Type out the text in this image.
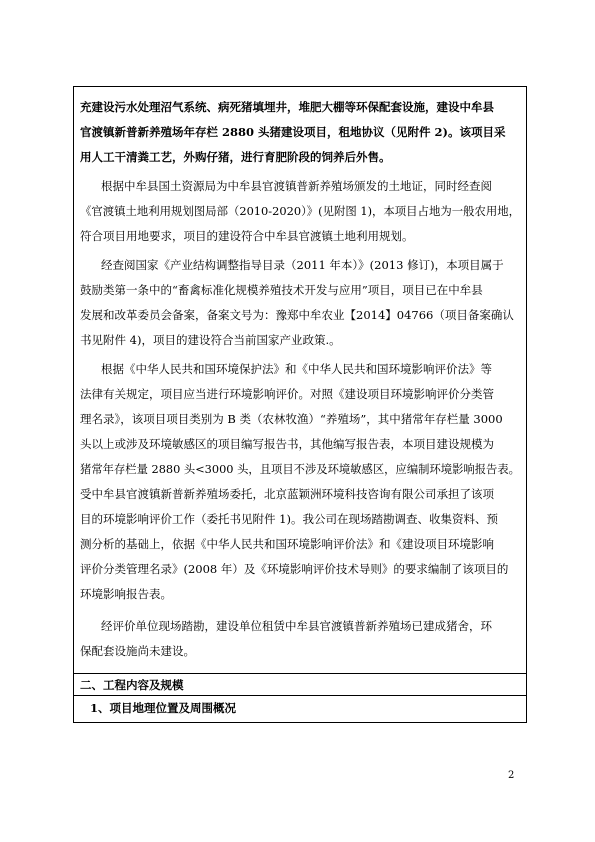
充建设污水处理沼气系统、病死猪填埋井，堆肥大棚等环保配套设施，建设中牟县
官渡镇新普新养殖场年存栏 2880 头猪建设项目，租地协议（见附件 2)。该项目采
用人工干清粪工艺，外购仔猪，进行育肥阶段的饲养后外售。
根据中牟县国土资源局为中牟县官渡镇普新养殖场颁发的土地证，同时经查阅
《官渡镇土地利用规划图局部（2010-2020）》(见附图 1)，本项目占地为一般农用地，
符合项目用地要求，项目的建设符合中牟县官渡镇土地利用规划。
经查阅国家《产业结构调整指导目录（2011 年本）》(2013 修订)，本项目属于
鼓励类第一条中的“畜禽标准化规模养殖技术开发与应用”项目，项目已在中牟县
发展和改革委员会备案，备案文号为：豫郑中牟农业【2014】04766（项目备案确认
书见附件 4)，项目的建设符合当前国家产业政策.。
根据《中华人民共和国环境保护法》和《中华人民共和国环境影响评价法》等
法律有关规定，项目应当进行环境影响评价。对照《建设项目环境影响评价分类管
理名录》，该项目项目类别为 B 类（农林牧渔）“养殖场”，其中猪常年存栏量 3000
头以上或涉及环境敏感区的项目编写报告书，其他编写报告表，本项目建设规模为
猪常年存栏量 2880 头<3000 头，且项目不涉及环境敏感区，应编制环境影响报告表。
受中牟县官渡镇新普新养殖场委托，北京蓝颖洲环境科技咨询有限公司承担了该项
目的环境影响评价工作（委托书见附件 1)。我公司在现场踏勘调查、收集资料、预
测分析的基础上，依据《中华人民共和国环境影响评价法》和《建设项目环境影响
评价分类管理名录》(2008 年）及《环境影响评价技术导则》的要求编制了该项目的
环境影响报告表。
经评价单位现场踏勘，建设单位租赁中牟县官渡镇普新养殖场已建成猪舍，环
保配套设施尚未建设。
二、工程内容及规模
1、项目地理位置及周围概况
2
